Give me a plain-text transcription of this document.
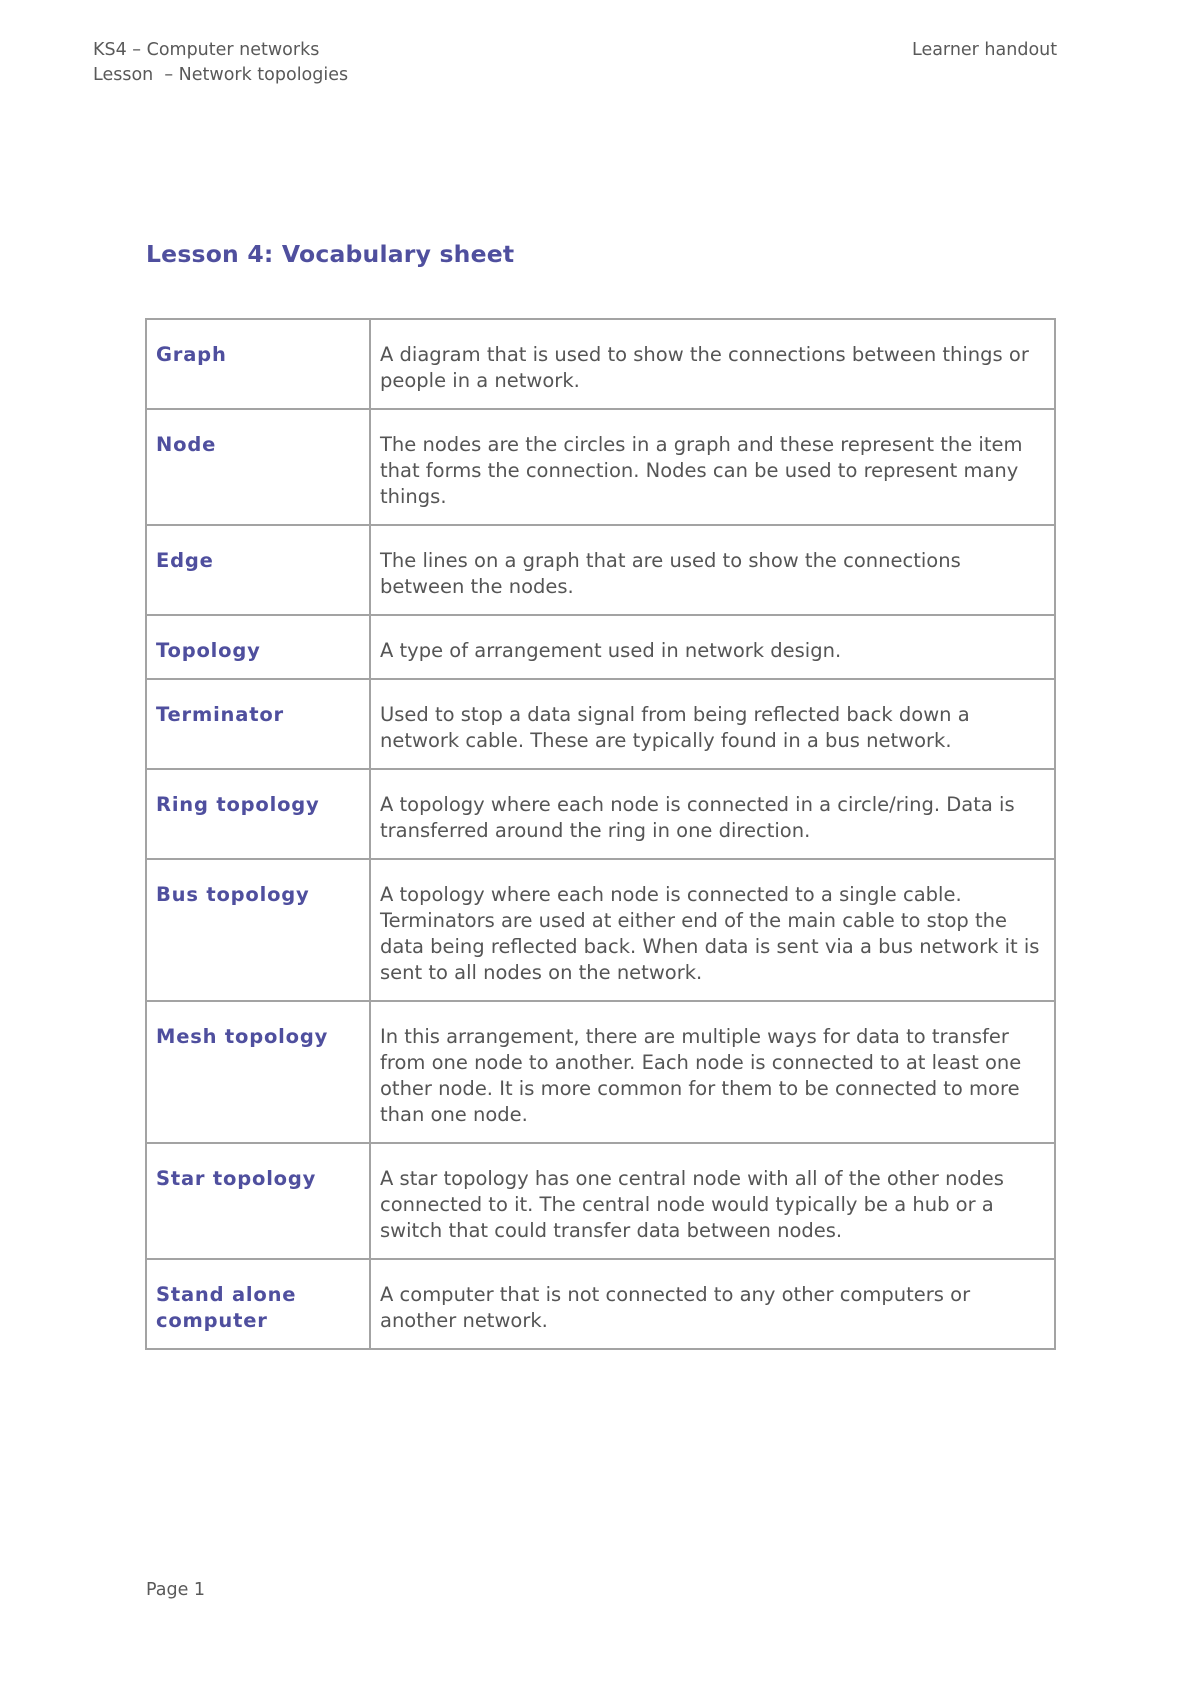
KS4 – Computer networks
Lesson  – Network topologies
Learner handout
Lesson 4: Vocabulary sheet
Graph	A diagram that is used to show the connections between things or people in a network.
Node	The nodes are the circles in a graph and these represent the item that forms the connection. Nodes can be used to represent many things.
Edge	The lines on a graph that are used to show the connections between the nodes.
Topology	A type of arrangement used in network design.
Terminator	Used to stop a data signal from being reflected back down a network cable. These are typically found in a bus network.
Ring topology	A topology where each node is connected in a circle/ring. Data is transferred around the ring in one direction.
Bus topology	A topology where each node is connected to a single cable. Terminators are used at either end of the main cable to stop the data being reflected back. When data is sent via a bus network it is sent to all nodes on the network.
Mesh topology	In this arrangement, there are multiple ways for data to transfer from one node to another. Each node is connected to at least one other node. It is more common for them to be connected to more than one node.
Star topology	A star topology has one central node with all of the other nodes connected to it. The central node would typically be a hub or a switch that could transfer data between nodes.
Stand alone computer	A computer that is not connected to any other computers or another network.
Page 1
